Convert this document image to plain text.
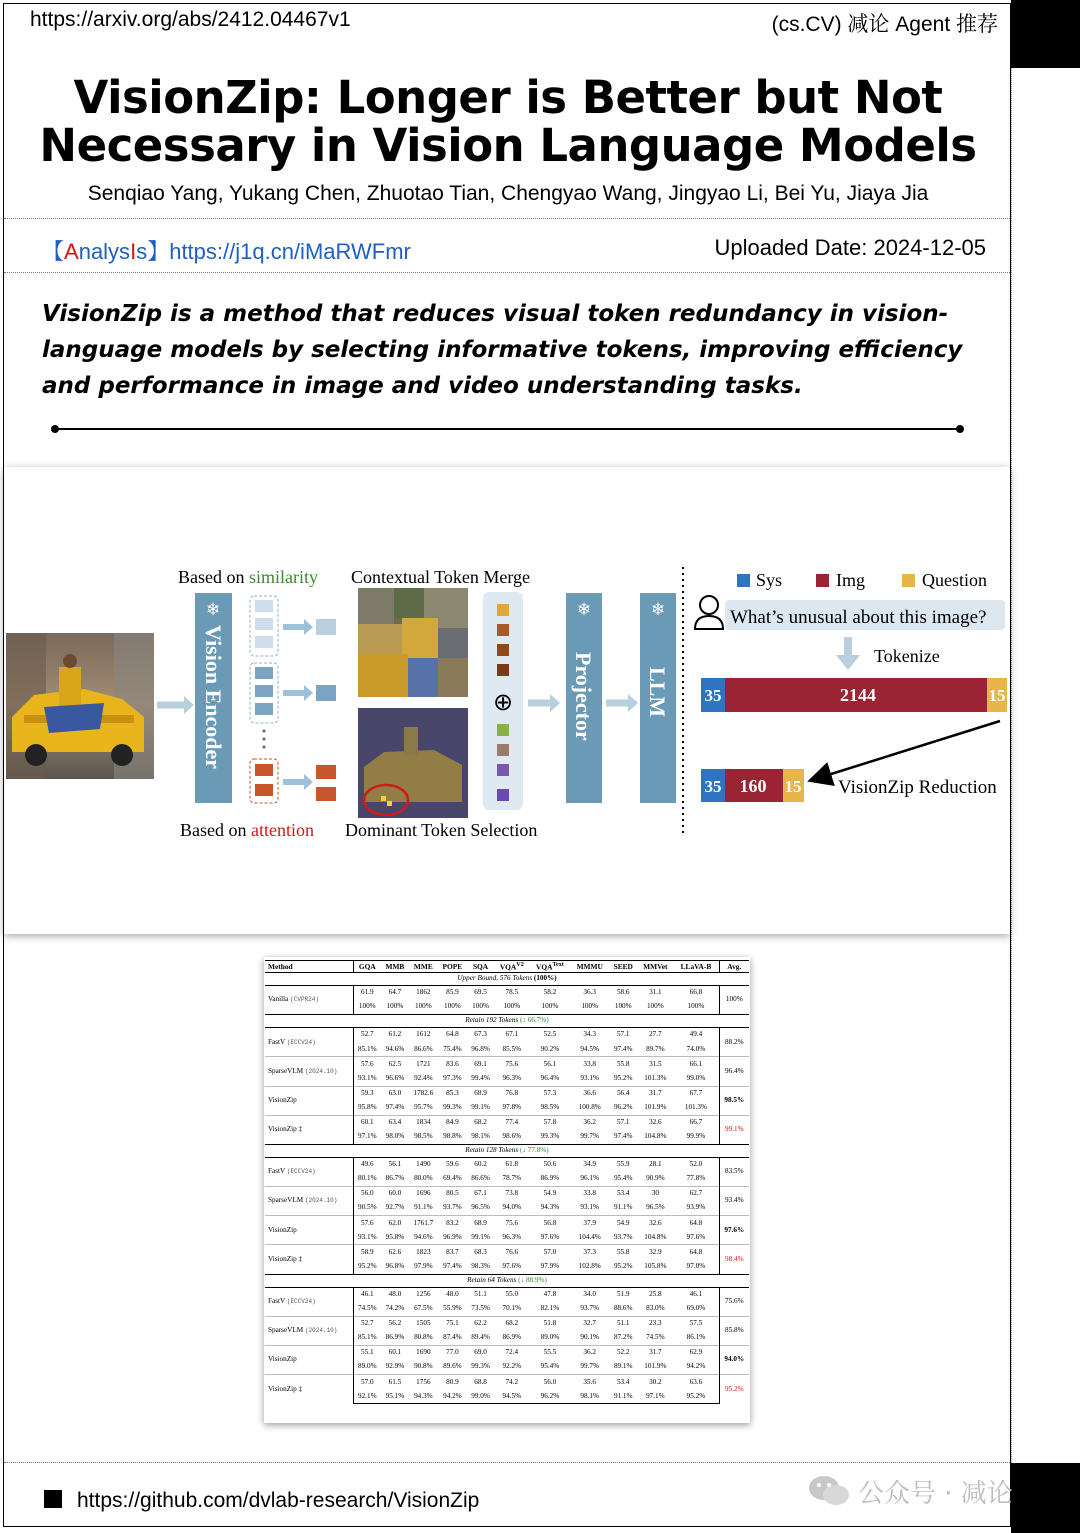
https://arxiv.org/abs/2412.04467v1	(cs.CV) 减论 Agent 推荐
VisionZip: Longer is Better but Not
Necessary in Vision Language Models
Senqiao Yang, Yukang Chen, Zhuotao Tian, Chengyao Wang, Jingyao Li, Bei Yu, Jiaya Jia
【AnalysIs】https://j1q.cn/iMaRWFmr	Uploaded Date: 2024-12-05
VisionZip is a method that reduces visual token redundancy in vision-language models by selecting informative tokens, improving efficiency and performance in image and video understanding tasks.
Based on similarity
Based on attention
❄
Vision Encoder
Contextual Token Merge
Dominant Token Selection
⊕
❄
Projector
❄
LLM
Sys	Img	Question
What’s unusual about this image?
Tokenize
35	2144	15
35 160 15 VisionZip Reduction
Method	GQA	MMB	MME	POPE	SQA	$VQA^{V2}$	$VQA^{Text}$	MMMU	SEED	MMVet	LLaVA-B	Avg.
Upper Bound, 576 Tokens (100%)												
Vanilla (CVPR24)	61.9	64.7	1862	85.9	69.5	78.5	58.2	36.3	58.6	31.1	66.8	100%
	100%	100%	100%	100%	100%	100%	100%	100%	100%	100%	100%	
Retain 192 Tokens (↓ 66.7%)												
FastV (ECCV24)	52.7	61.2	1612	64.8	67.3	67.1	52.5	34.3	57.1	27.7	49.4	88.2%
	85.1%	94.6%	86.6%	75.4%	96.8%	85.5%	90.2%	94.5%	97.4%	89.7%	74.0%	
SparseVLM (2024.10)	57.6	62.5	1721	83.6	69.1	75.6	56.1	33.8	55.8	31.5	66.1	96.4%
	93.1%	96.6%	92.4%	97.3%	99.4%	96.3%	96.4%	93.1%	95.2%	101.3%	99.0%	
VisionZip	59.3	63.0	1782.6	85.3	68.9	76.8	57.3	36.6	56.4	31.7	67.7	98.5%
	95.8%	97.4%	95.7%	99.3%	99.1%	97.8%	98.5%	100.8%	96.2%	101.9%	101.3%	
VisionZip ‡	60.1	63.4	1834	84.9	68.2	77.4	57.8	36.2	57.1	32.6	66.7	99.1%
	97.1%	98.0%	98.5%	98.8%	98.1%	98.6%	99.3%	99.7%	97.4%	104.8%	99.9%	
Retain 128 Tokens (↓ 77.8%)												
FastV (ECCV24)	49.6	56.1	1490	59.6	60.2	61.8	50.6	34.9	55.9	28.1	52.0	83.5%
	80.1%	86.7%	80.0%	69.4%	86.6%	78.7%	86.9%	96.1%	95.4%	90.9%	77.8%	
SparseVLM (2024.10)	56.0	60.0	1696	80.5	67.1	73.8	54.9	33.8	53.4	30	62.7	93.4%
	90.5%	92.7%	91.1%	93.7%	96.5%	94.0%	94.3%	93.1%	91.1%	96.5%	93.9%	
VisionZip	57.6	62.0	1761.7	83.2	68.9	75.6	56.8	37.9	54.9	32.6	64.8	97.6%
	93.1%	95.8%	94.6%	96.9%	99.1%	96.3%	97.6%	104.4%	93.7%	104.8%	97.6%	
VisionZip ‡	58.9	62.6	1823	83.7	68.3	76.6	57.0	37.3	55.8	32.9	64.8	98.4%
	95.2%	96.8%	97.9%	97.4%	98.3%	97.6%	97.9%	102.8%	95.2%	105.8%	97.0%	
Retain 64 Tokens (↓ 88.9%)												
FastV (ECCV24)	46.1	48.0	1256	48.0	51.1	55.0	47.8	34.0	51.9	25.8	46.1	75.6%
	74.5%	74.2%	67.5%	55.9%	73.5%	70.1%	82.1%	93.7%	88.6%	83.0%	69.0%	
SparseVLM (2024.10)	52.7	56.2	1505	75.1	62.2	68.2	51.8	32.7	51.1	23.3	57.5	85.8%
	85.1%	86.9%	80.8%	87.4%	89.4%	86.9%	89.0%	90.1%	87.2%	74.5%	86.1%	
VisionZip	55.1	60.1	1690	77.0	69.0	72.4	55.5	36.2	52.2	31.7	62.9	94.0%
	89.0%	92.9%	90.8%	89.6%	99.3%	92.2%	95.4%	99.7%	89.1%	101.9%	94.2%	
VisionZip ‡	57.0	61.5	1756	80.9	68.8	74.2	56.0	35.6	53.4	30.2	63.6	95.2%
	92.1%	95.1%	94.3%	94.2%	99.0%	94.5%	96.2%	98.1%	91.1%	97.1%	95.2%	
https://github.com/dvlab-research/VisionZip	公众号 · 减论
